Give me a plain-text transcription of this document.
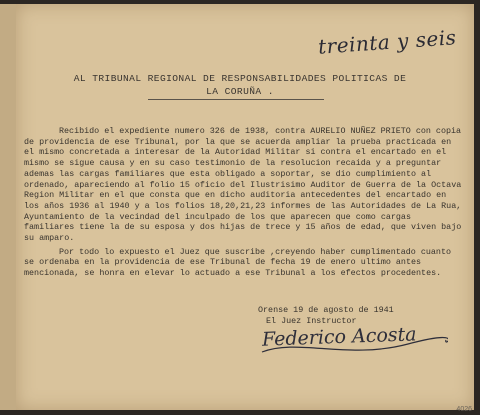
treinta y seis
AL TRIBUNAL REGIONAL DE RESPONSABILIDADES POLITICAS DE
LA CORUÑA .

Recibido el expediente numero 326 de 1938, contra AURELIO NUÑEZ PRIETO con copia de providencia de ese Tribunal, por la que se acuerda ampliar la prueba practicada en el mismo concretada a interesar de la Autoridad Militar si contra el encartado en el mismo se sigue causa y en su caso testimonio de la resolucion recaida y a preguntar ademas las cargas familiares que esta obligado a soportar, se dio cumplimiento al ordenado, apareciendo al folio 15 oficio del Ilustrisimo Auditor de Guerra de la Octava Region Militar en el que consta que en dicho auditoria antecedentes del encartado en los años 1936 al 1940 y a los folios 18,20,21,23 informes de las Autoridades de La Rua, Ayuntamiento de la vecindad del inculpado de los que aparecen que como cargas familiares tiene la de su esposa y dos hijas de trece y 15 años de edad, que viven bajo su amparo.

Por todo lo expuesto el Juez que suscribe ,creyendo haber cumplimentado cuanto se ordenaba en la providencia de ese Tribunal de fecha 19 de enero ultimo antes mencionada, se honra en elevar lo actuado a ese Tribunal a los efectos procedentes.

Orense 19 de agosto de 1941
El Juez Instructor
Federico Acosta
4026
